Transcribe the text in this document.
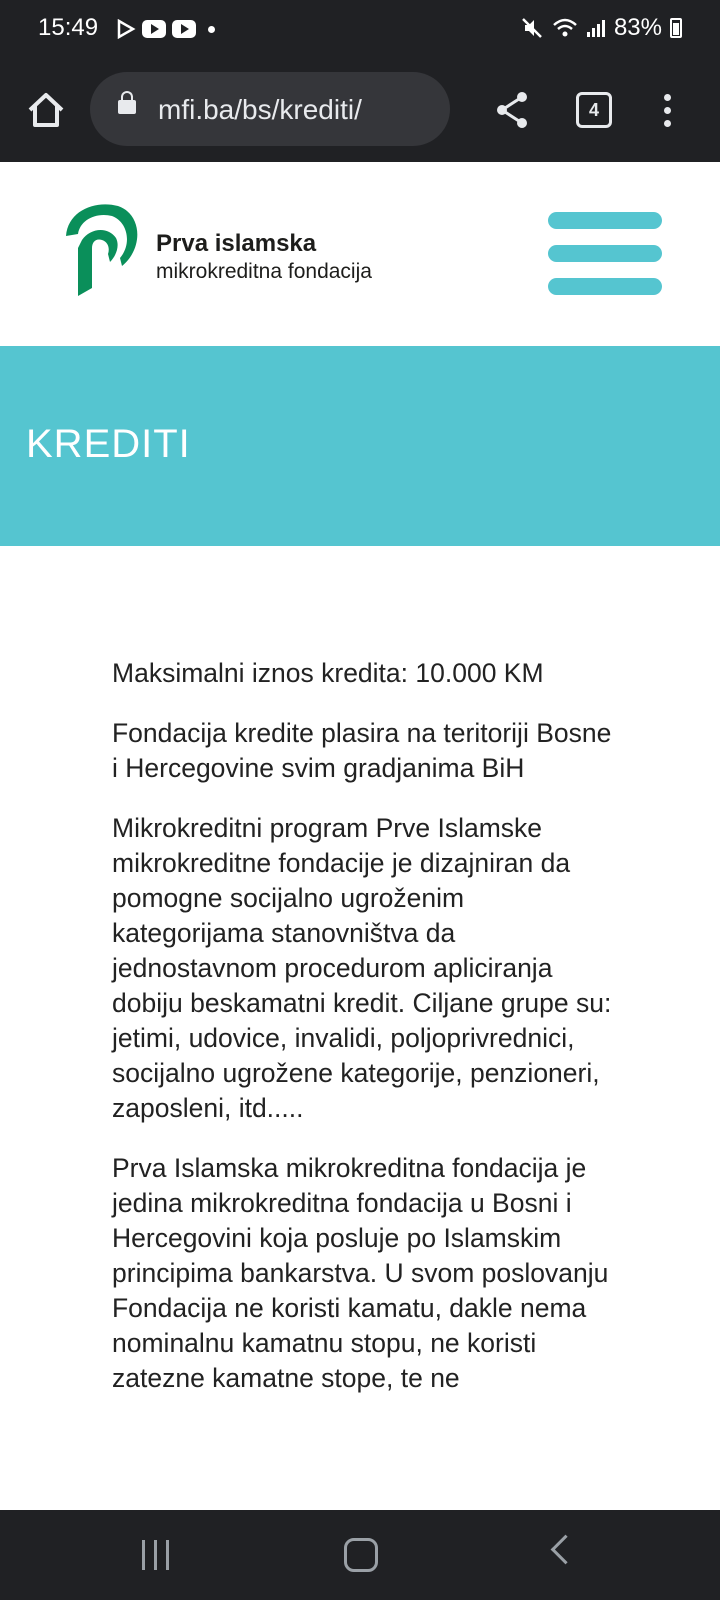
15:49	83%
mfi.ba/bs/krediti/	4
Prva islamska
mikrokreditna fondacija
KREDITI

Maksimalni iznos kredita: 10.000 KM

Fondacija kredite plasira na teritoriji Bosne i Hercegovine svim gradjanima BiH

Mikrokreditni program Prve Islamske mikrokreditne fondacije je dizajniran da pomogne socijalno ugroženim kategorijama stanovništva da jednostavnom procedurom apliciranja dobiju beskamatni kredit. Ciljane grupe su: jetimi, udovice, invalidi, poljoprivrednici, socijalno ugrožene kategorije, penzioneri, zaposleni, itd.....

Prva Islamska mikrokreditna fondacija je jedina mikrokreditna fondacija u Bosni i Hercegovini koja posluje po Islamskim principima bankarstva. U svom poslovanju Fondacija ne koristi kamatu, dakle nema nominalnu kamatnu stopu, ne koristi zatezne kamatne stope, te ne
